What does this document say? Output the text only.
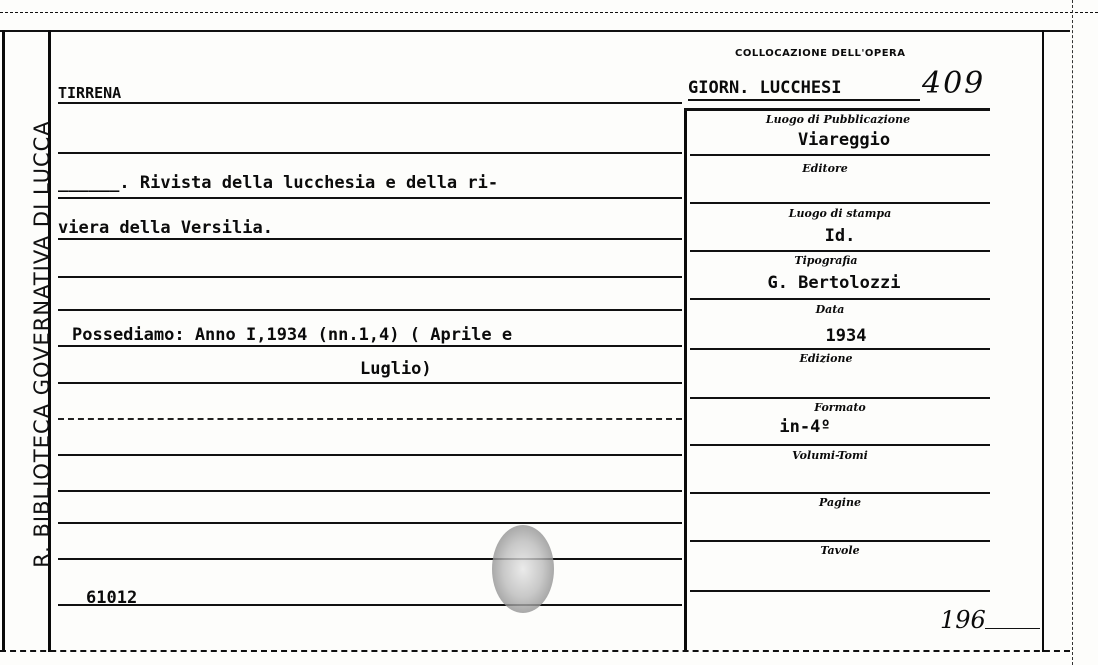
R. BIBLIOTECA GOVERNATIVA DI LUCCA
TIRRENA
______. Rivista della lucchesia e della ri-
viera della Versilia.
Possediamo: Anno I,1934 (nn.1,4) ( Aprile e
Luglio)
61012
COLLOCAZIONE DELL'OPERA
GIORN. LUCCHESI	409
Luogo di Pubblicazione
Viareggio
Editore
Luogo di stampa
Id.
Tipografia
G. Bertolozzi
Data
1934
Edizione
Formato
in-4º
Volumi-Tomi
Pagine
Tavole
196
